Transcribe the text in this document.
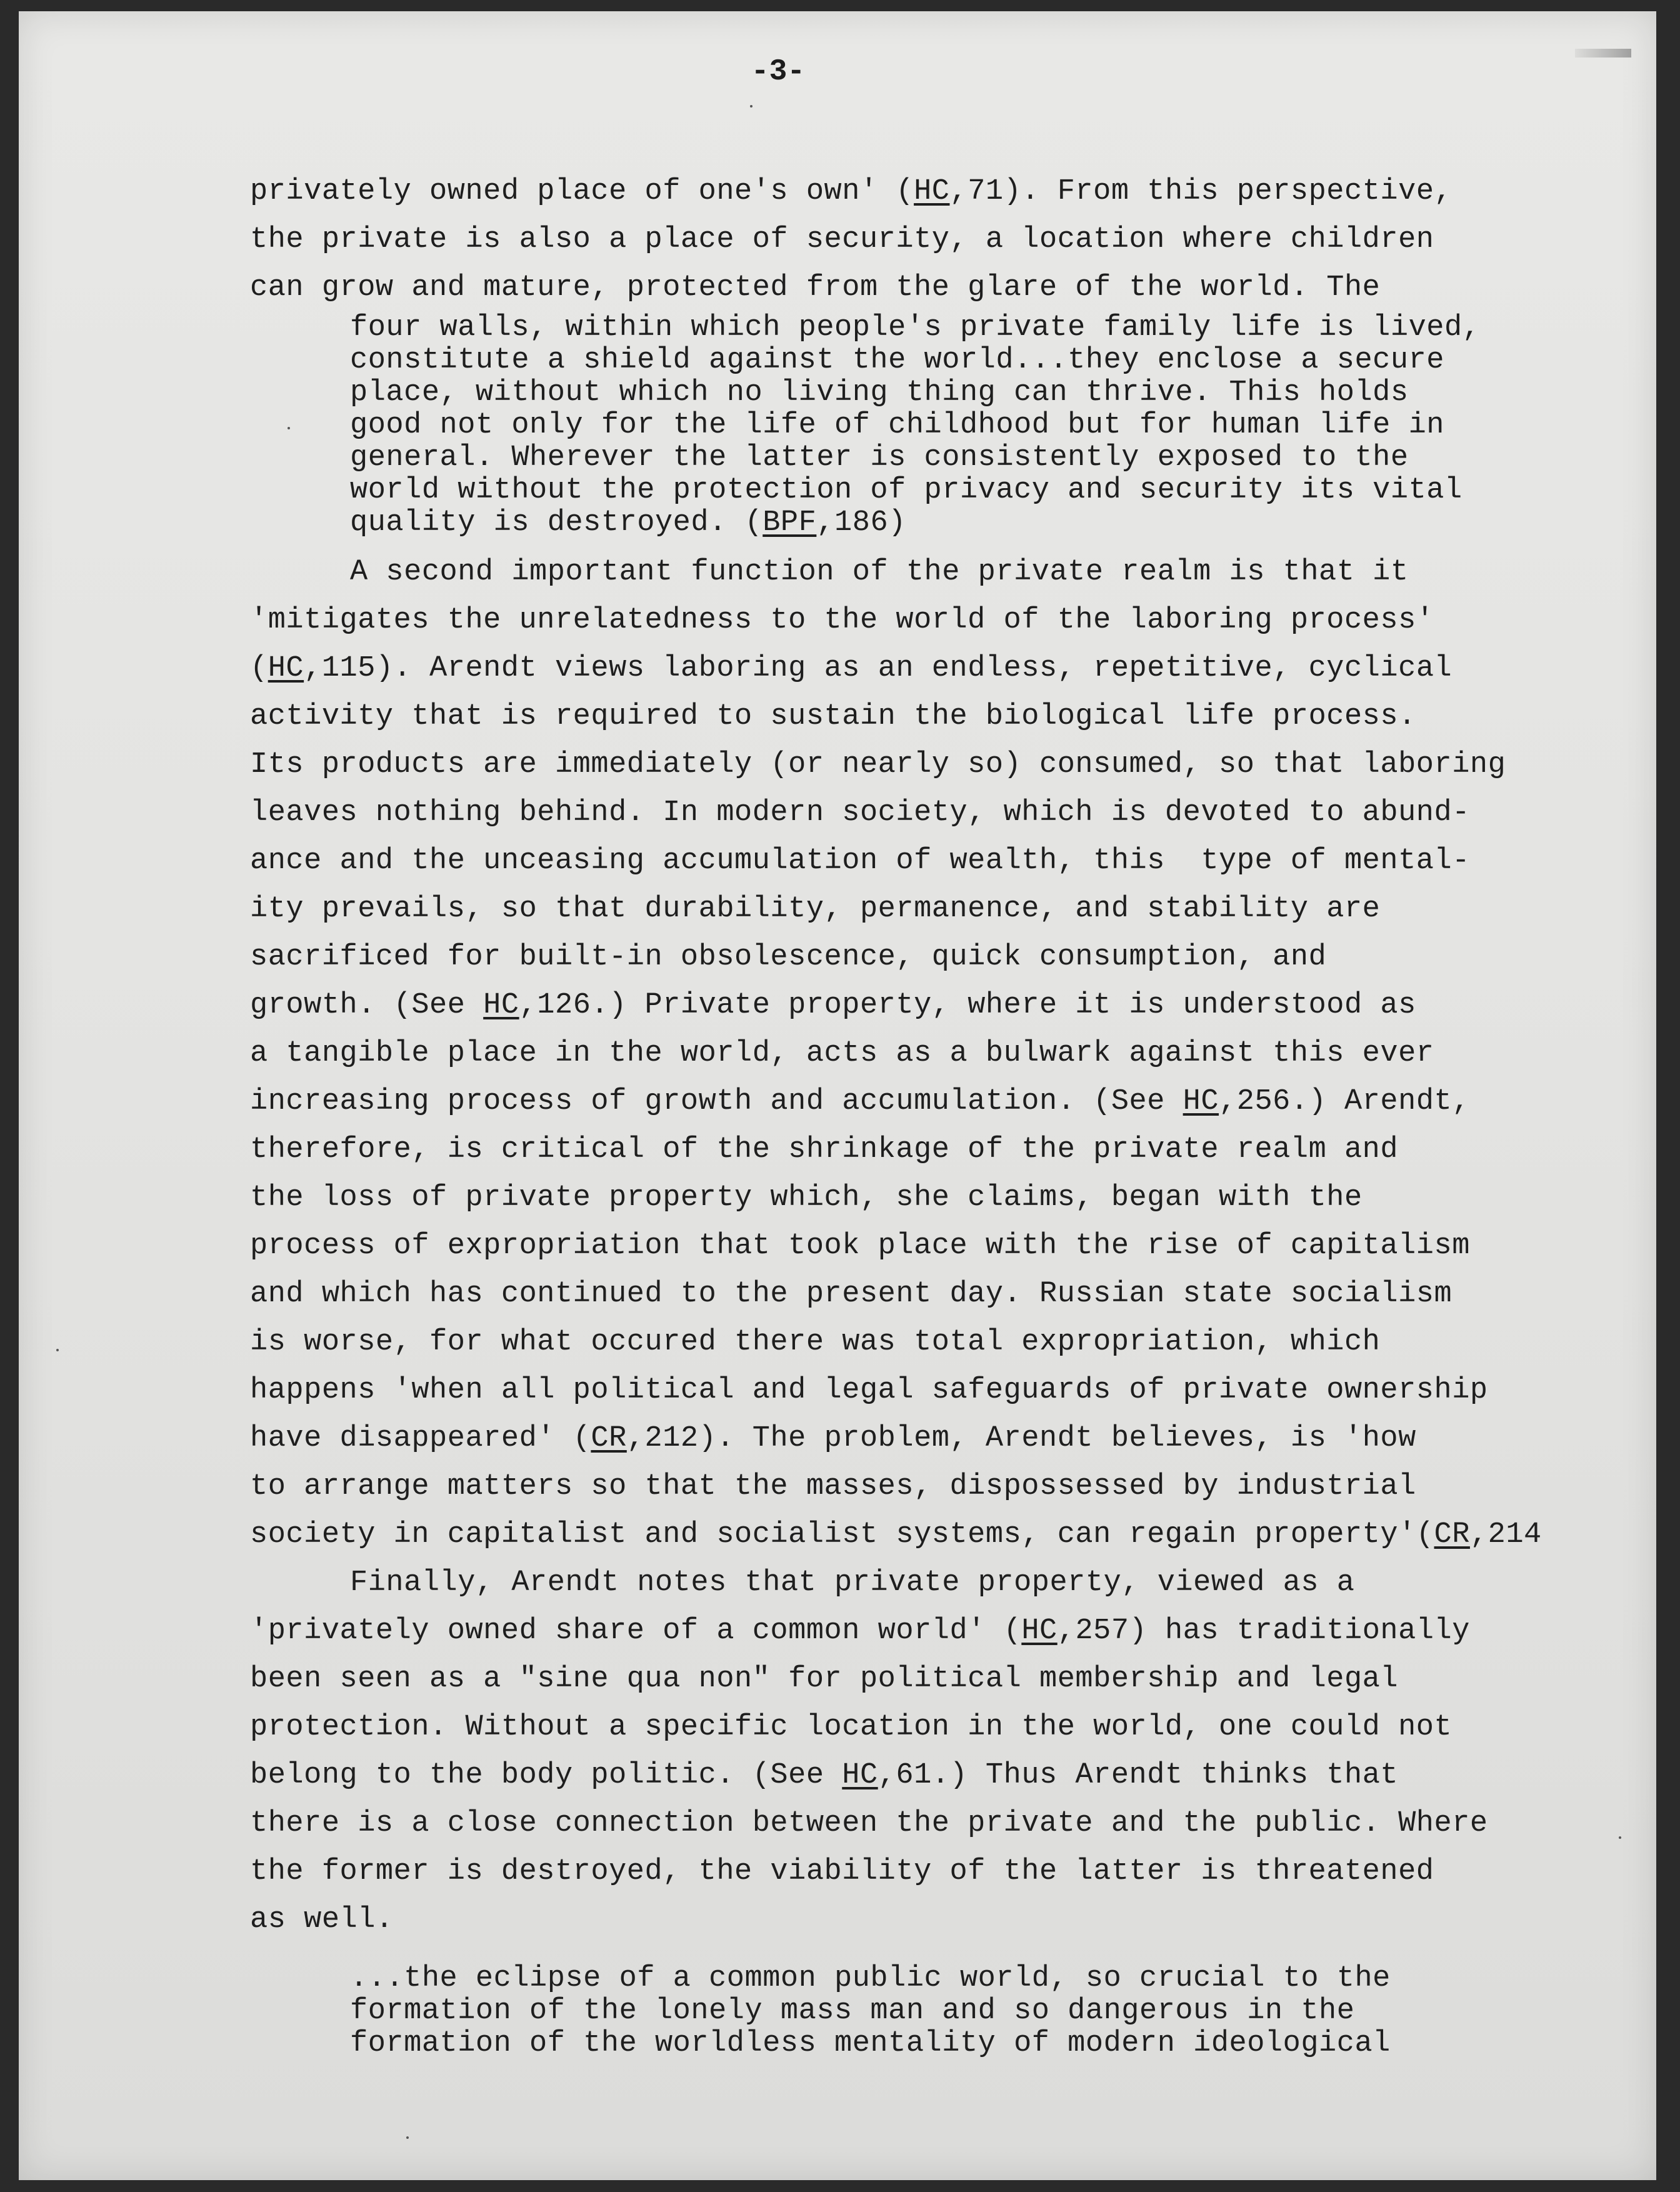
-3-
privately owned place of one's own' (HC,71). From this perspective,
the private is also a place of security, a location where children
can grow and mature, protected from the glare of the world. The
four walls, within which people's private family life is lived,
constitute a shield against the world...they enclose a secure
place, without which no living thing can thrive. This holds
good not only for the life of childhood but for human life in
general. Wherever the latter is consistently exposed to the
world without the protection of privacy and security its vital
quality is destroyed. (BPF,186)
A second important function of the private realm is that it
'mitigates the unrelatedness to the world of the laboring process'
(HC,115). Arendt views laboring as an endless, repetitive, cyclical
activity that is required to sustain the biological life process.
Its products are immediately (or nearly so) consumed, so that laboring
leaves nothing behind. In modern society, which is devoted to abund-
ance and the unceasing accumulation of wealth, this  type of mental-
ity prevails, so that durability, permanence, and stability are
sacrificed for built-in obsolescence, quick consumption, and
growth. (See HC,126.) Private property, where it is understood as
a tangible place in the world, acts as a bulwark against this ever
increasing process of growth and accumulation. (See HC,256.) Arendt,
therefore, is critical of the shrinkage of the private realm and
the loss of private property which, she claims, began with the
process of expropriation that took place with the rise of capitalism
and which has continued to the present day. Russian state socialism
is worse, for what occured there was total expropriation, which
happens 'when all political and legal safeguards of private ownership
have disappeared' (CR,212). The problem, Arendt believes, is 'how
to arrange matters so that the masses, dispossessed by industrial
society in capitalist and socialist systems, can regain property'(CR,214
Finally, Arendt notes that private property, viewed as a
'privately owned share of a common world' (HC,257) has traditionally
been seen as a "sine qua non" for political membership and legal
protection. Without a specific location in the world, one could not
belong to the body politic. (See HC,61.) Thus Arendt thinks that
there is a close connection between the private and the public. Where
the former is destroyed, the viability of the latter is threatened
as well.
...the eclipse of a common public world, so crucial to the
formation of the lonely mass man and so dangerous in the
formation of the worldless mentality of modern ideological
